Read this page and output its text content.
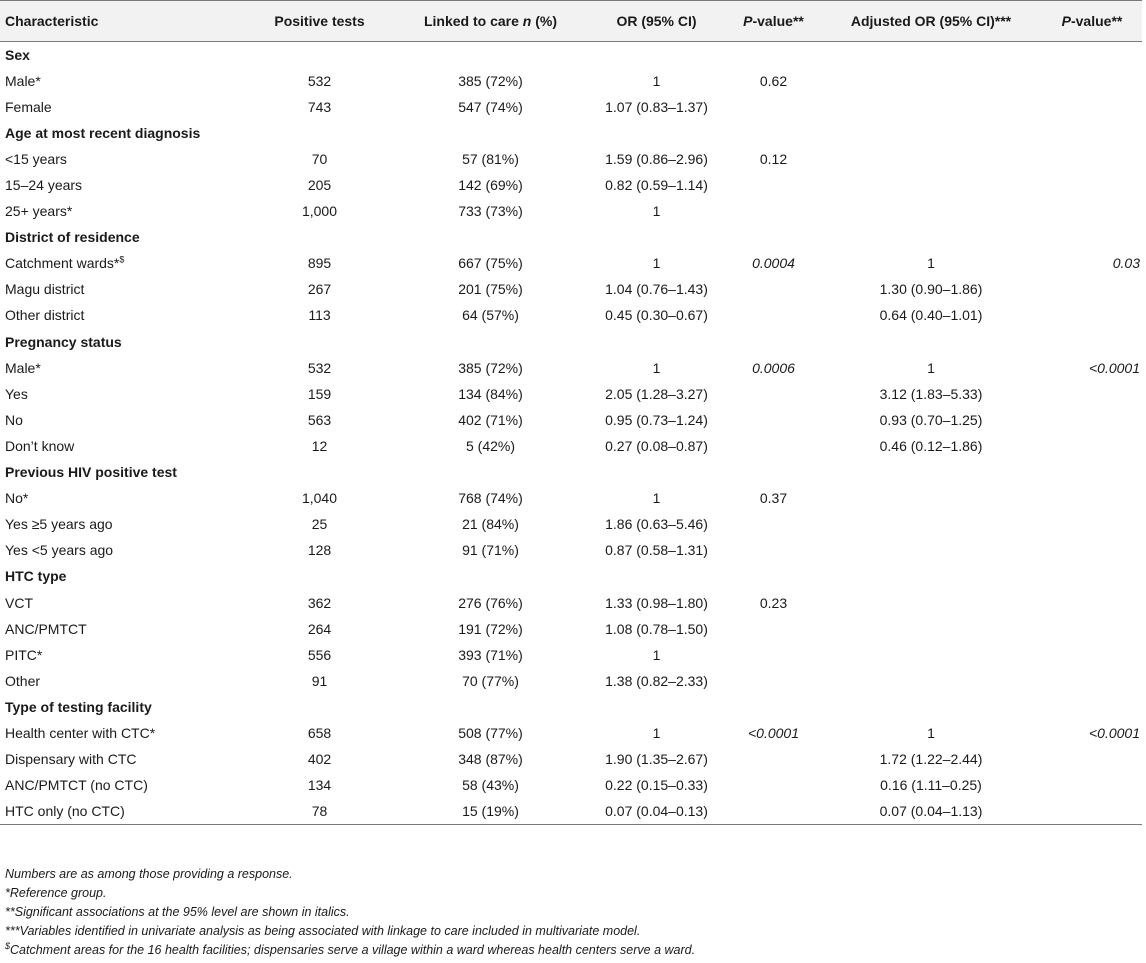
Characteristic	Positive tests	Linked to care n (%)	OR (95% CI)	P-value**	Adjusted OR (95% CI)***	P-value**
Sex						
Male*	532	385 (72%)	1	0.62		
Female	743	547 (74%)	1.07 (0.83–1.37)			
Age at most recent diagnosis						
<15 years	70	57 (81%)	1.59 (0.86–2.96)	0.12		
15–24 years	205	142 (69%)	0.82 (0.59–1.14)			
25+ years*	1,000	733 (73%)	1			
District of residence						
Catchment wards*$	895	667 (75%)	1	0.0004	1	0.03
Magu district	267	201 (75%)	1.04 (0.76–1.43)		1.30 (0.90–1.86)	
Other district	113	64 (57%)	0.45 (0.30–0.67)		0.64 (0.40–1.01)	
Pregnancy status						
Male*	532	385 (72%)	1	0.0006	1	<0.0001
Yes	159	134 (84%)	2.05 (1.28–3.27)		3.12 (1.83–5.33)	
No	563	402 (71%)	0.95 (0.73–1.24)		0.93 (0.70–1.25)	
Don’t know	12	5 (42%)	0.27 (0.08–0.87)		0.46 (0.12–1.86)	
Previous HIV positive test						
No*	1,040	768 (74%)	1	0.37		
Yes ≥5 years ago	25	21 (84%)	1.86 (0.63–5.46)			
Yes <5 years ago	128	91 (71%)	0.87 (0.58–1.31)			
HTC type						
VCT	362	276 (76%)	1.33 (0.98–1.80)	0.23		
ANC/PMTCT	264	191 (72%)	1.08 (0.78–1.50)			
PITC*	556	393 (71%)	1			
Other	91	70 (77%)	1.38 (0.82–2.33)			
Type of testing facility						
Health center with CTC*	658	508 (77%)	1	<0.0001	1	<0.0001
Dispensary with CTC	402	348 (87%)	1.90 (1.35–2.67)		1.72 (1.22–2.44)	
ANC/PMTCT (no CTC)	134	58 (43%)	0.22 (0.15–0.33)		0.16 (1.11–0.25)	
HTC only (no CTC)	78	15 (19%)	0.07 (0.04–0.13)		0.07 (0.04–1.13)	
Numbers are as among those providing a response.
*Reference group.
**Significant associations at the 95% level are shown in italics.
***Variables identified in univariate analysis as being associated with linkage to care included in multivariate model.
$Catchment areas for the 16 health facilities; dispensaries serve a village within a ward whereas health centers serve a ward.
